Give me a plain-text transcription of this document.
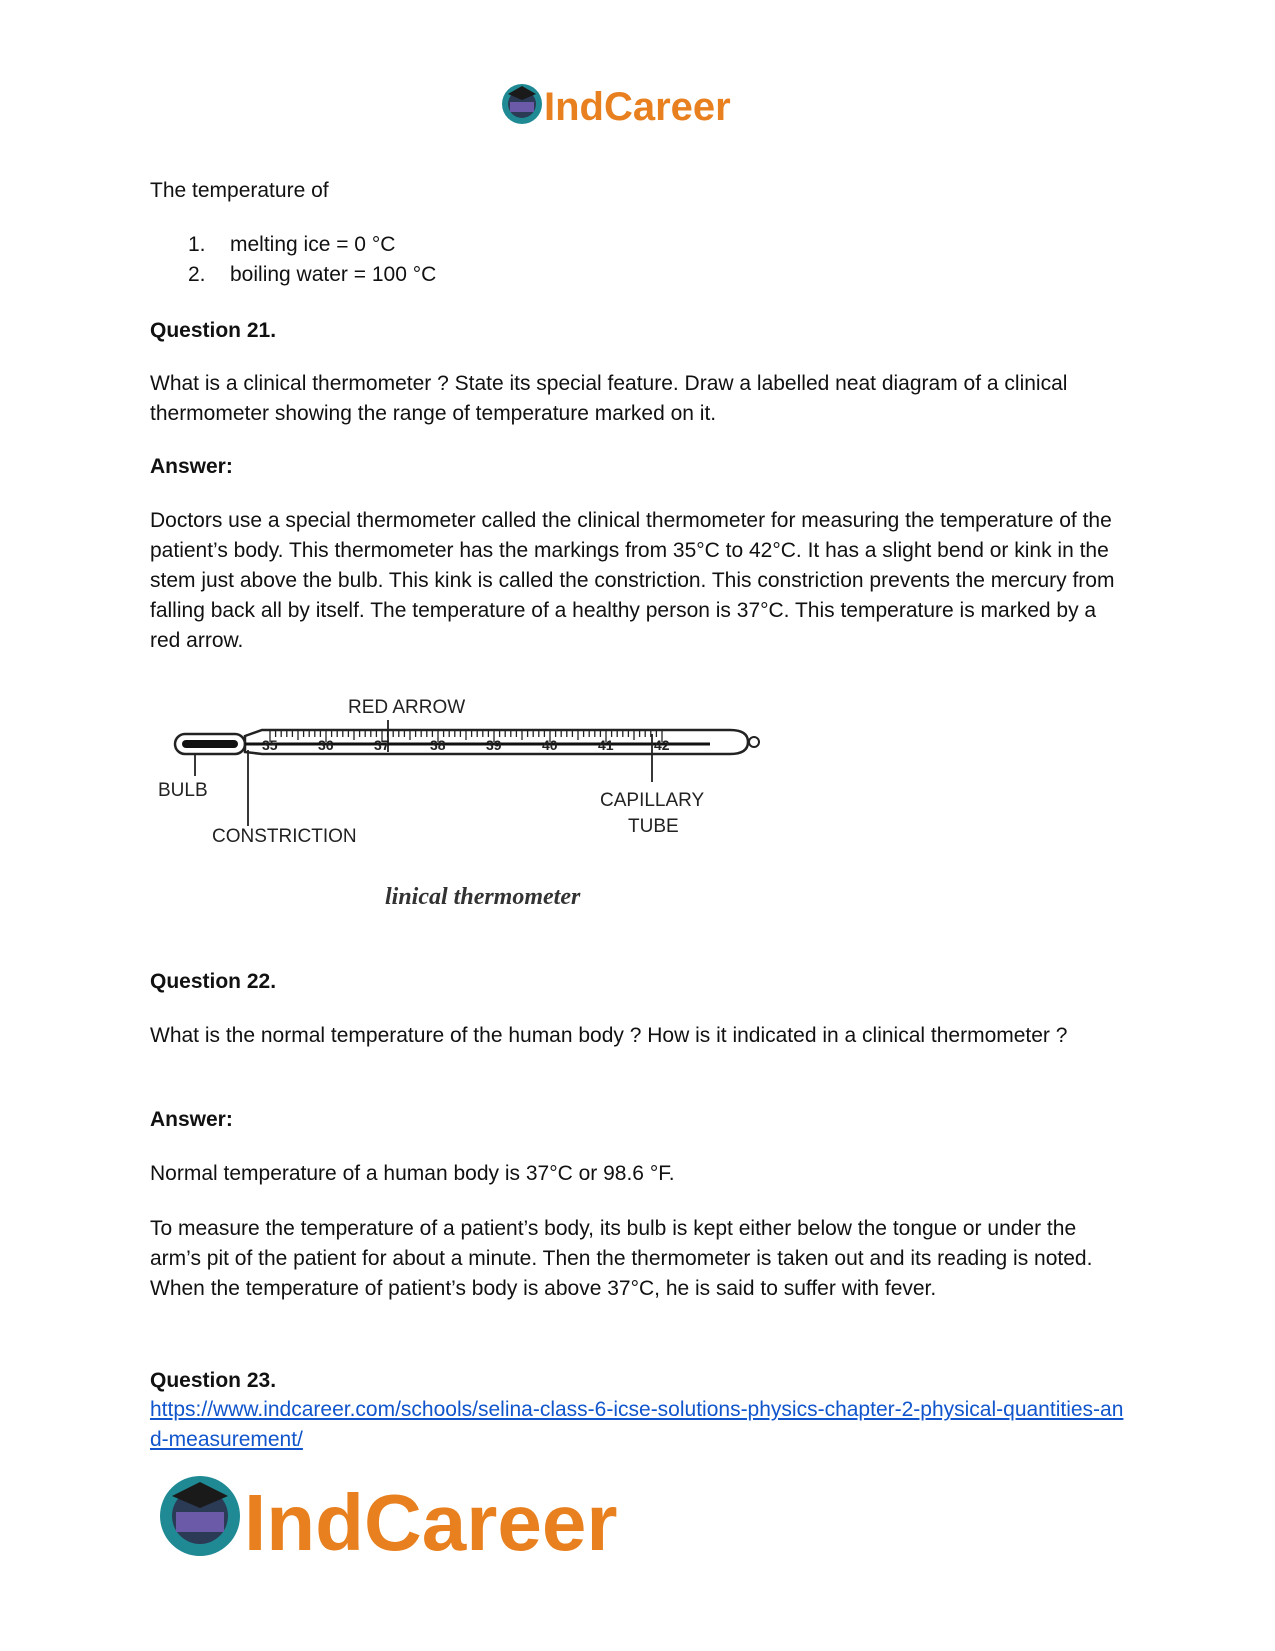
IndCareer

The temperature of

1. melting ice = 0 °C
2. boiling water = 100 °C

Question 21.

What is a clinical thermometer ? State its special feature. Draw a labelled neat diagram of a clinical thermometer showing the range of temperature marked on it.

Answer:

Doctors use a special thermometer called the clinical thermometer for measuring the temperature of the patient’s body. This thermometer has the markings from 35°C to 42°C. It has a slight bend or kink in the stem just above the bulb. This kink is called the constriction. This constriction prevents the mercury from falling back all by itself. The temperature of a healthy person is 37°C. This temperature is marked by a red arrow.

RED ARROW
35	36	37	38	39	40	41	42
BULB
CONSTRICTION
CAPILLARY
TUBE
linical thermometer

Question 22.

What is the normal temperature of the human body ? How is it indicated in a clinical thermometer ?

Answer:

Normal temperature of a human body is 37°C or 98.6 °F.

To measure the temperature of a patient’s body, its bulb is kept either below the tongue or under the arm’s pit of the patient for about a minute. Then the thermometer is taken out and its reading is noted. When the temperature of patient’s body is above 37°C, he is said to suffer with fever.

Question 23.

https://www.indcareer.com/schools/selina-class-6-icse-solutions-physics-chapter-2-physical-quantities-and-measurement/
IndCareer
